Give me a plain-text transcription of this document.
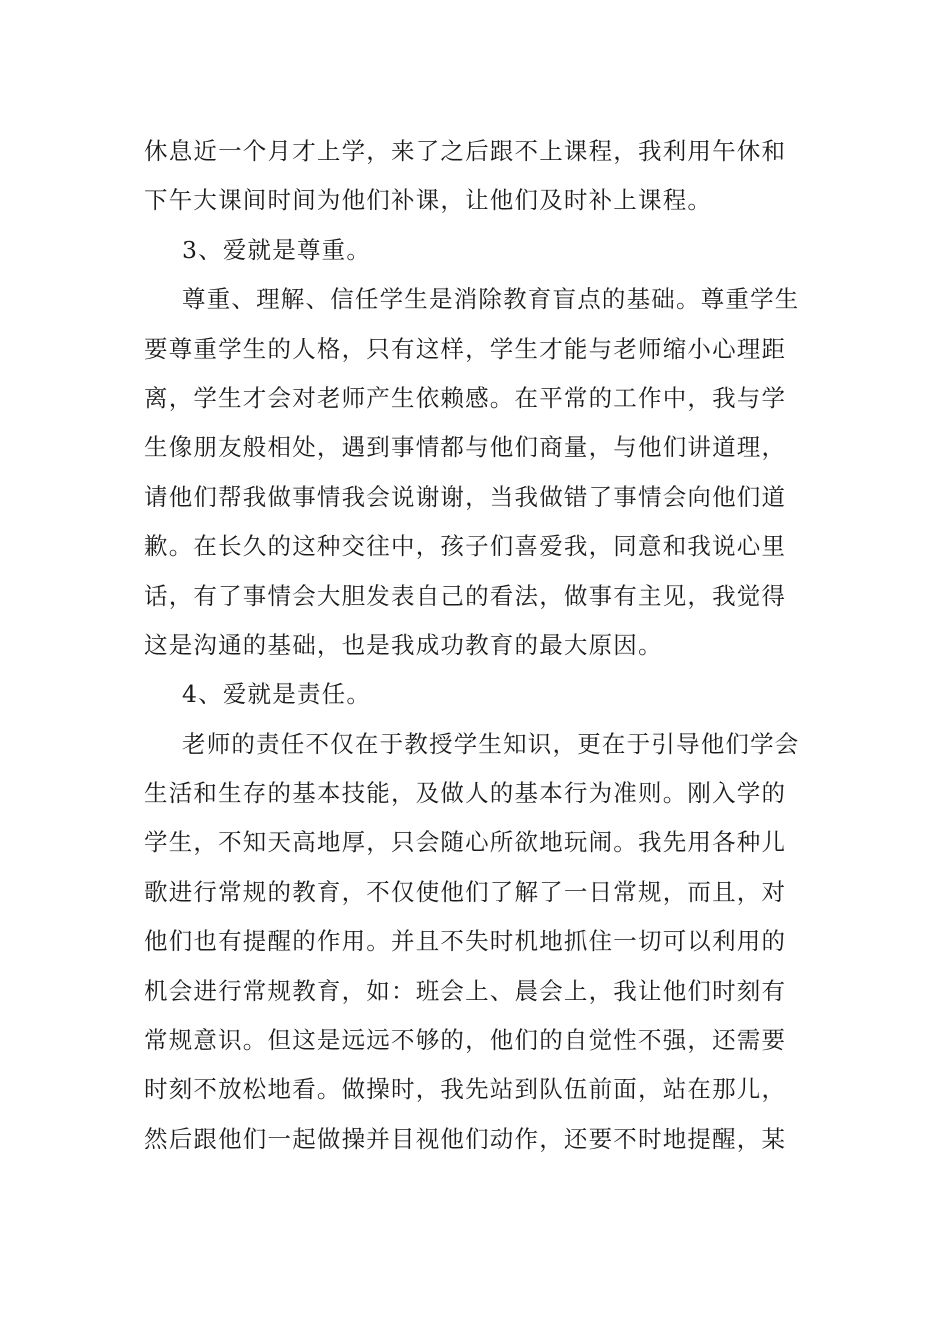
休息近一个月才上学，来了之后跟不上课程，我利用午休和
下午大课间时间为他们补课，让他们及时补上课程。
3、爱就是尊重。
尊重、理解、信任学生是消除教育盲点的基础。尊重学生
要尊重学生的人格，只有这样，学生才能与老师缩小心理距
离，学生才会对老师产生依赖感。在平常的工作中，我与学
生像朋友般相处，遇到事情都与他们商量，与他们讲道理，
请他们帮我做事情我会说谢谢，当我做错了事情会向他们道
歉。在长久的这种交往中，孩子们喜爱我，同意和我说心里
话，有了事情会大胆发表自己的看法，做事有主见，我觉得
这是沟通的基础，也是我成功教育的最大原因。
4、爱就是责任。
老师的责任不仅在于教授学生知识，更在于引导他们学会
生活和生存的基本技能，及做人的基本行为准则。刚入学的
学生，不知天高地厚，只会随心所欲地玩闹。我先用各种儿
歌进行常规的教育，不仅使他们了解了一日常规，而且，对
他们也有提醒的作用。并且不失时机地抓住一切可以利用的
机会进行常规教育，如：班会上、晨会上，我让他们时刻有
常规意识。但这是远远不够的，他们的自觉性不强，还需要
时刻不放松地看。做操时，我先站到队伍前面，站在那儿，
然后跟他们一起做操并目视他们动作，还要不时地提醒，某
